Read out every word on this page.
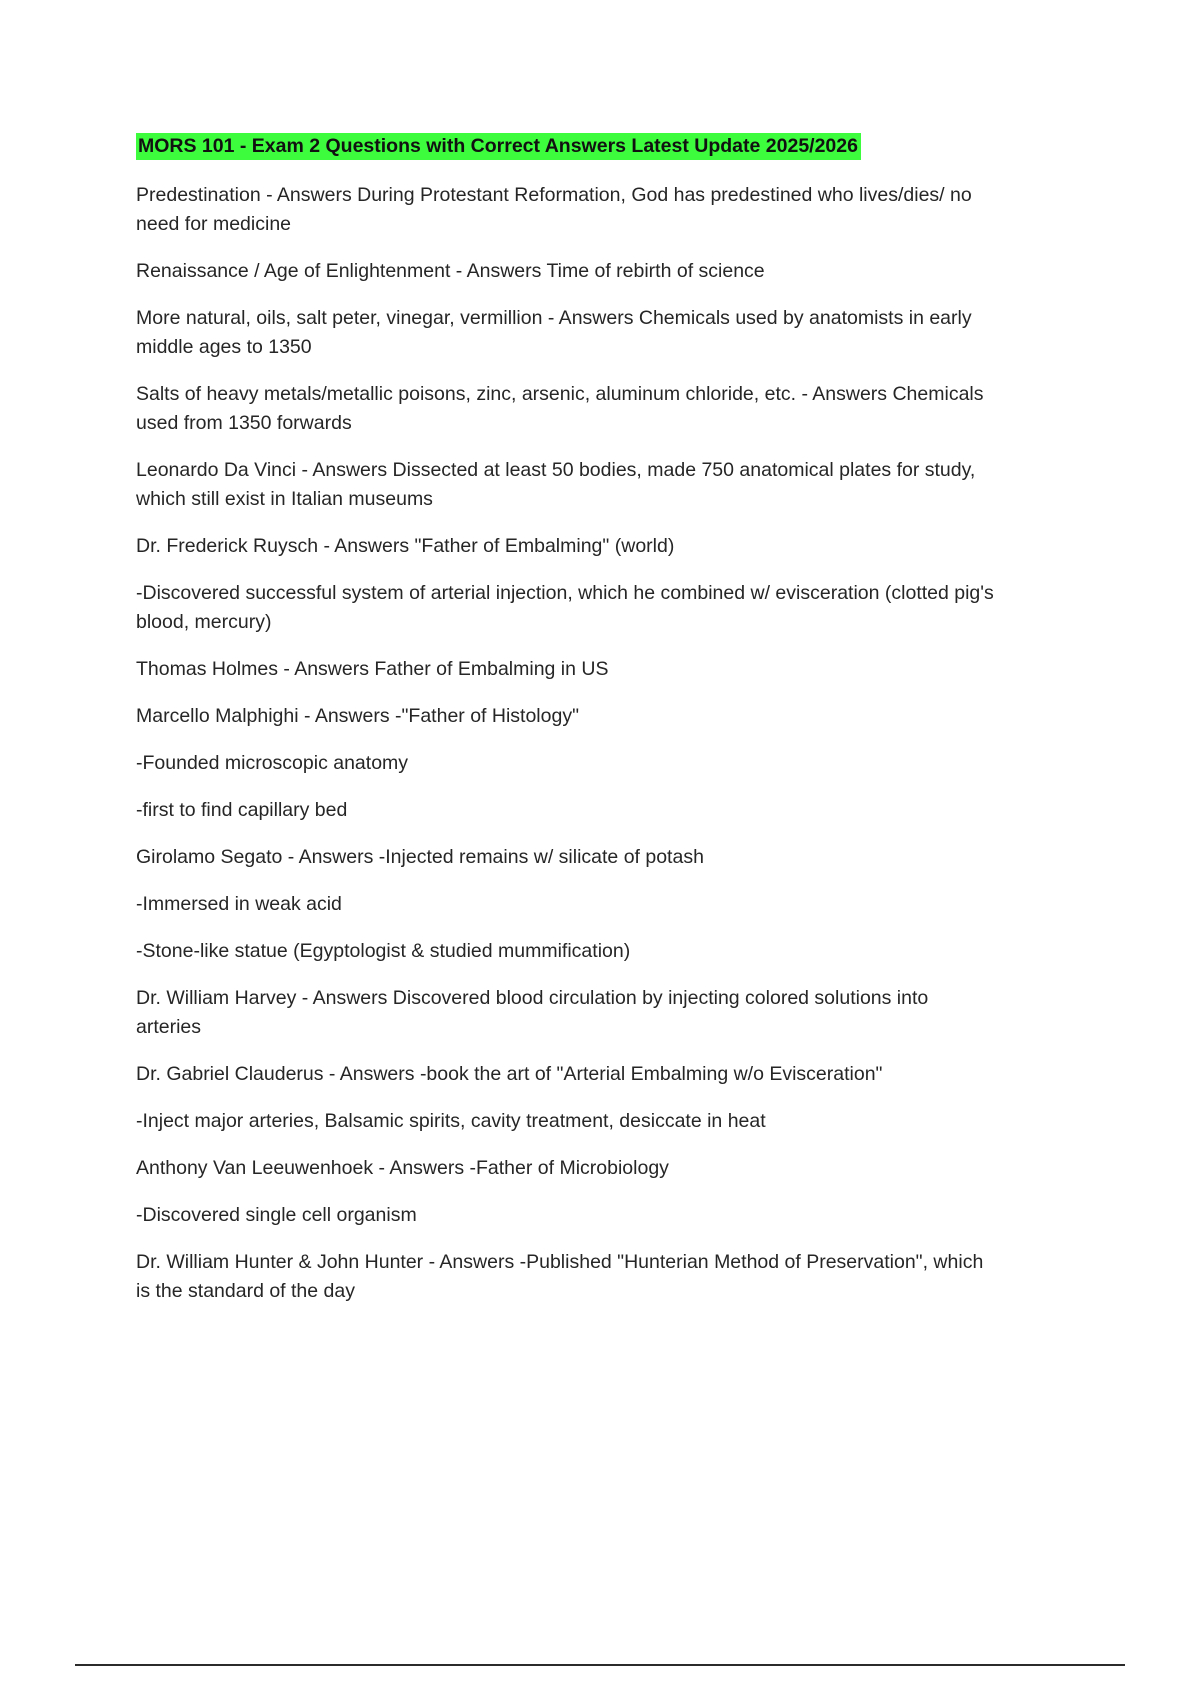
MORS 101 - Exam 2 Questions with Correct Answers Latest Update 2025/2026

Predestination - Answers During Protestant Reformation, God has predestined who lives/dies/ no need for medicine

Renaissance / Age of Enlightenment - Answers Time of rebirth of science

More natural, oils, salt peter, vinegar, vermillion - Answers Chemicals used by anatomists in early middle ages to 1350

Salts of heavy metals/metallic poisons, zinc, arsenic, aluminum chloride, etc. - Answers Chemicals used from 1350 forwards

Leonardo Da Vinci - Answers Dissected at least 50 bodies, made 750 anatomical plates for study, which still exist in Italian museums

Dr. Frederick Ruysch - Answers "Father of Embalming" (world)

-Discovered successful system of arterial injection, which he combined w/ evisceration (clotted pig's blood, mercury)

Thomas Holmes - Answers Father of Embalming in US

Marcello Malphighi - Answers -"Father of Histology"

-Founded microscopic anatomy

-first to find capillary bed

Girolamo Segato - Answers -Injected remains w/ silicate of potash

-Immersed in weak acid

-Stone-like statue (Egyptologist & studied mummification)

Dr. William Harvey - Answers Discovered blood circulation by injecting colored solutions into arteries

Dr. Gabriel Clauderus - Answers -book the art of "Arterial Embalming w/o Evisceration"

-Inject major arteries, Balsamic spirits, cavity treatment, desiccate in heat

Anthony Van Leeuwenhoek - Answers -Father of Microbiology

-Discovered single cell organism

Dr. William Hunter & John Hunter - Answers -Published "Hunterian Method of Preservation", which is the standard of the day
